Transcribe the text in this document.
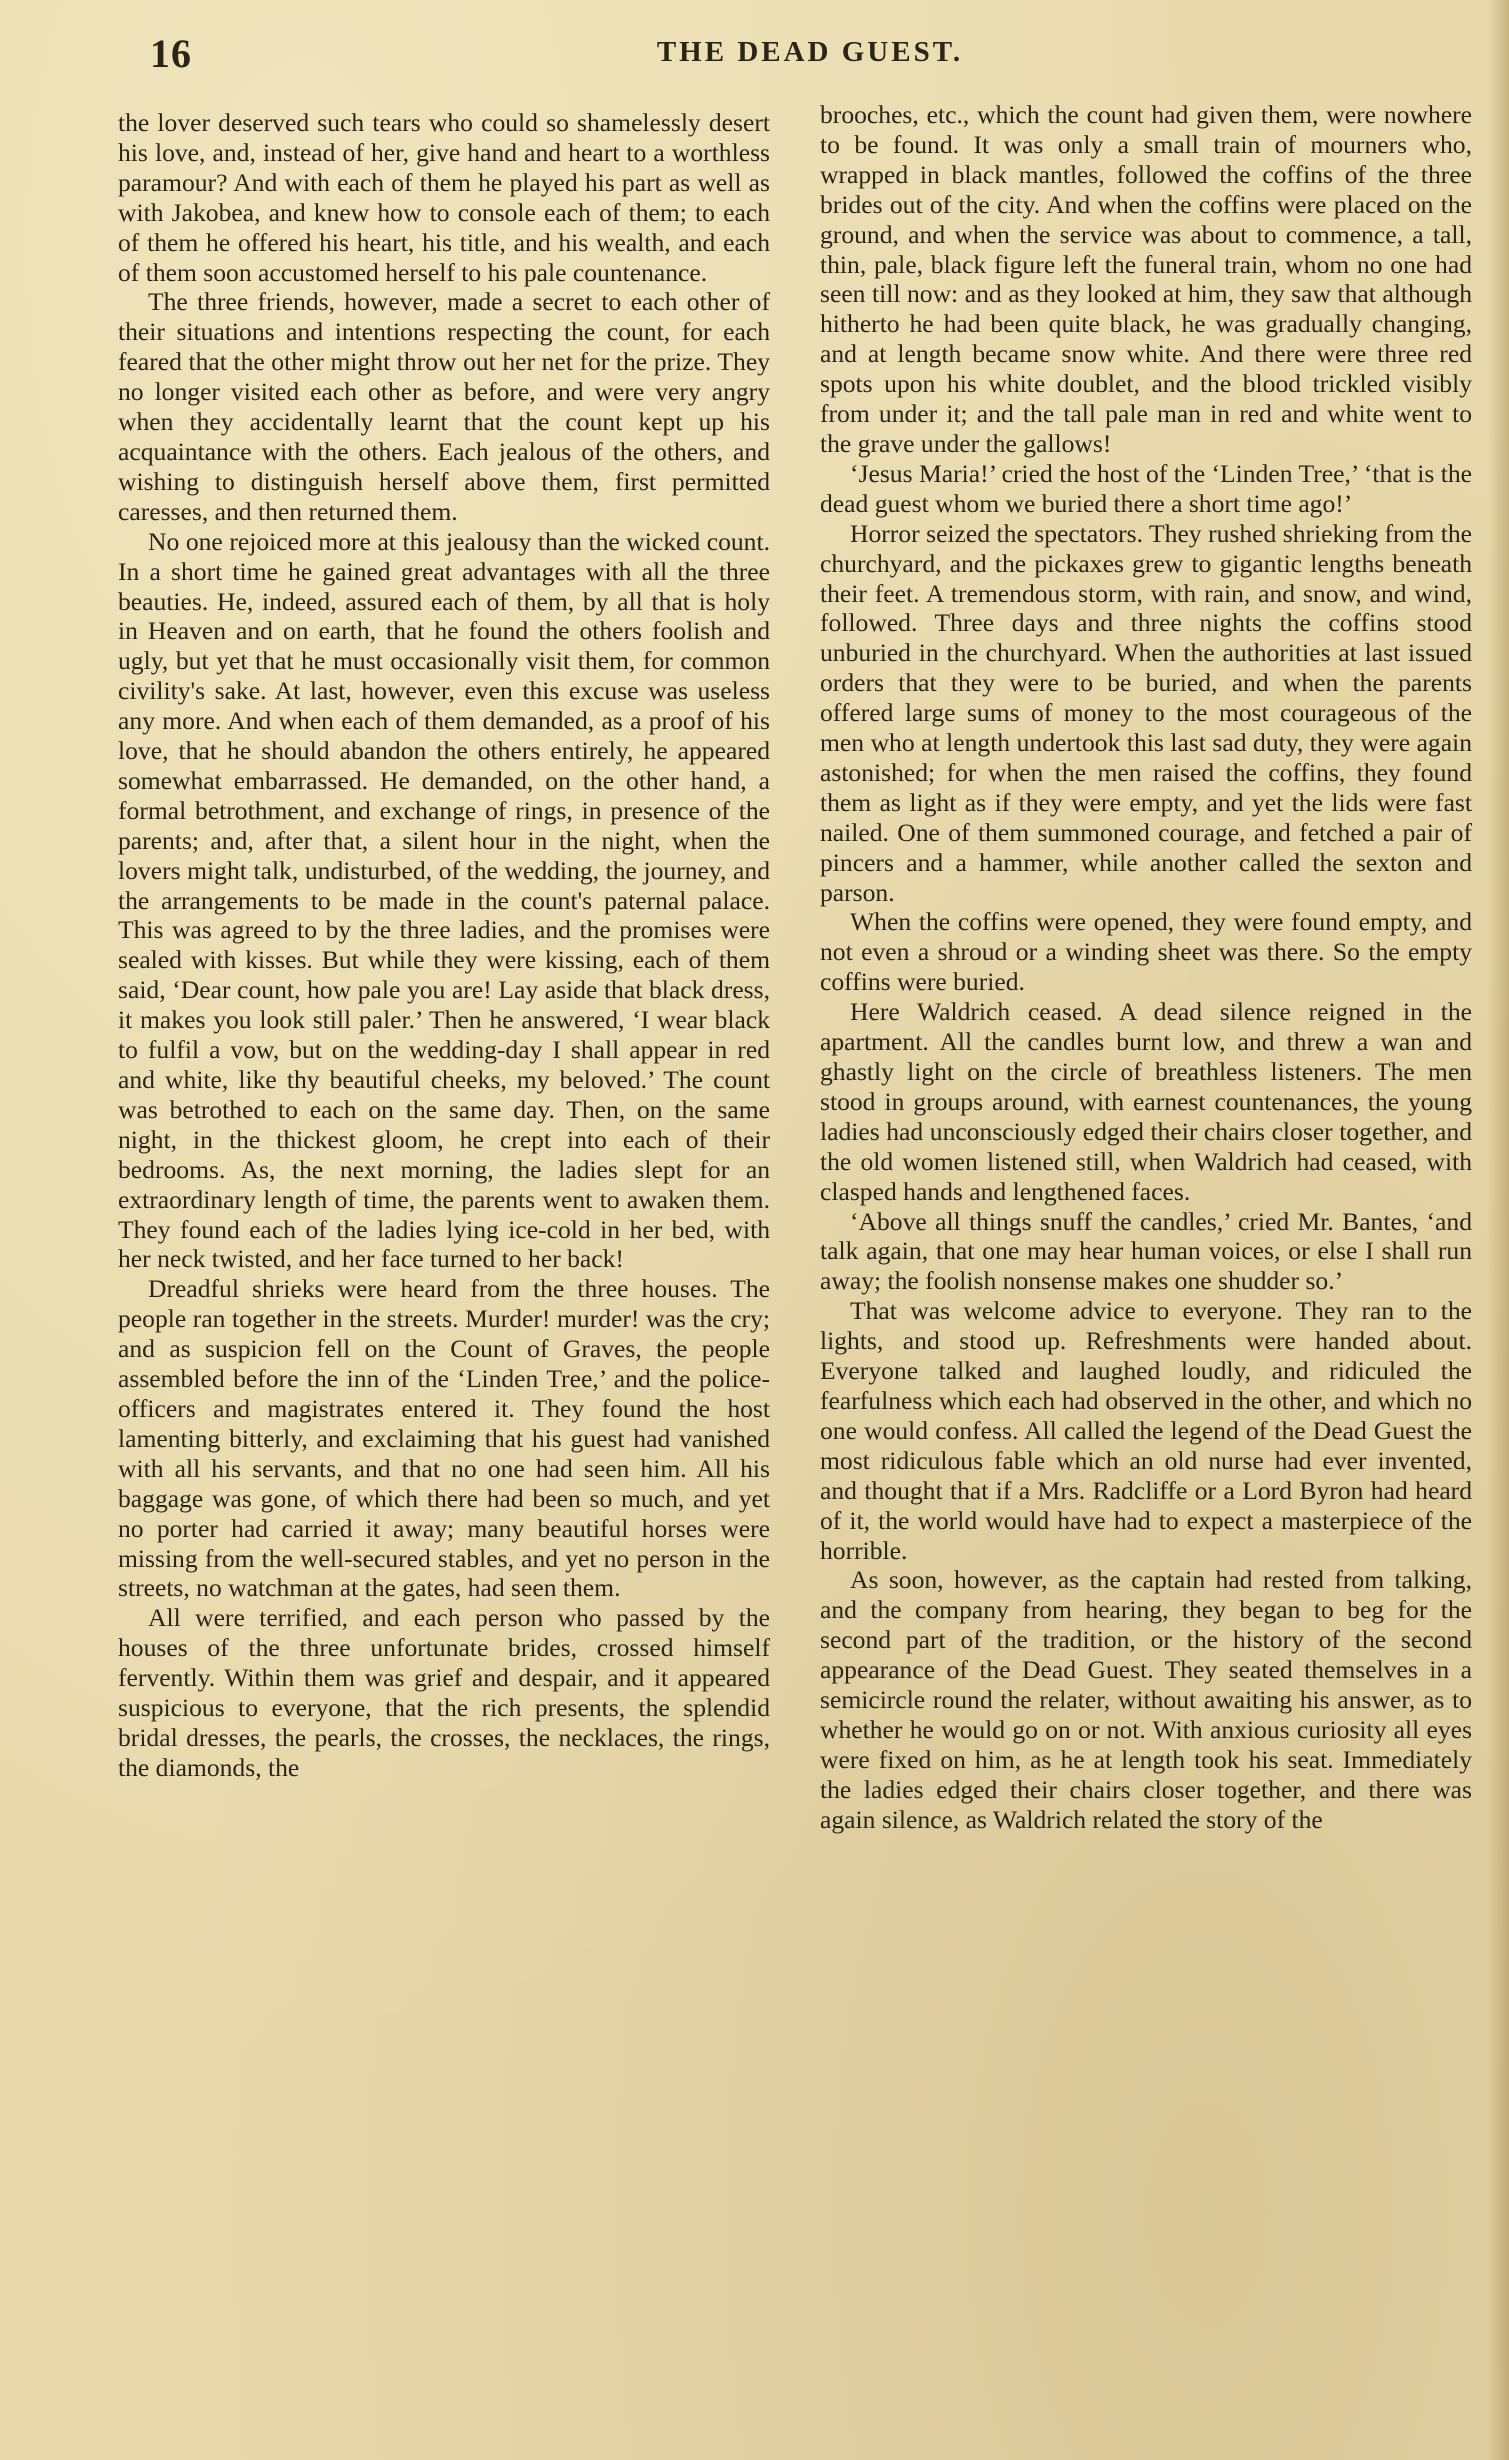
16	THE DEAD GUEST.

the lover deserved such tears who could so shamelessly desert his love, and, instead of her, give hand and heart to a worthless paramour? And with each of them he played his part as well as with Jakobea, and knew how to console each of them; to each of them he offered his heart, his title, and his wealth, and each of them soon accustomed herself to his pale countenance.

The three friends, however, made a secret to each other of their situations and intentions respecting the count, for each feared that the other might throw out her net for the prize. They no longer visited each other as before, and were very angry when they accidentally learnt that the count kept up his acquaintance with the others. Each jealous of the others, and wishing to distinguish herself above them, first permitted caresses, and then returned them.

No one rejoiced more at this jealousy than the wicked count. In a short time he gained great advantages with all the three beauties. He, indeed, assured each of them, by all that is holy in Heaven and on earth, that he found the others foolish and ugly, but yet that he must occasionally visit them, for common civility's sake. At last, however, even this excuse was useless any more. And when each of them demanded, as a proof of his love, that he should abandon the others entirely, he appeared somewhat embarrassed. He demanded, on the other hand, a formal betrothment, and exchange of rings, in presence of the parents; and, after that, a silent hour in the night, when the lovers might talk, undisturbed, of the wedding, the journey, and the arrangements to be made in the count's paternal palace. This was agreed to by the three ladies, and the promises were sealed with kisses. But while they were kissing, each of them said, ‘Dear count, how pale you are! Lay aside that black dress, it makes you look still paler.’ Then he answered, ‘I wear black to fulfil a vow, but on the wedding-day I shall appear in red and white, like thy beautiful cheeks, my beloved.’ The count was betrothed to each on the same day. Then, on the same night, in the thickest gloom, he crept into each of their bedrooms. As, the next morning, the ladies slept for an extraordinary length of time, the parents went to awaken them. They found each of the ladies lying ice-cold in her bed, with her neck twisted, and her face turned to her back!

Dreadful shrieks were heard from the three houses. The people ran together in the streets. Murder! murder! was the cry; and as suspicion fell on the Count of Graves, the people assembled before the inn of the ‘Linden Tree,’ and the police-officers and magistrates entered it. They found the host lamenting bitterly, and exclaiming that his guest had vanished with all his servants, and that no one had seen him. All his baggage was gone, of which there had been so much, and yet no porter had carried it away; many beautiful horses were missing from the well-secured stables, and yet no person in the streets, no watchman at the gates, had seen them.

All were terrified, and each person who passed by the houses of the three unfortunate brides, crossed himself fervently. Within them was grief and despair, and it appeared suspicious to everyone, that the rich presents, the splendid bridal dresses, the pearls, the crosses, the necklaces, the rings, the diamonds, the

brooches, etc., which the count had given them, were nowhere to be found. It was only a small train of mourners who, wrapped in black mantles, followed the coffins of the three brides out of the city. And when the coffins were placed on the ground, and when the service was about to commence, a tall, thin, pale, black figure left the funeral train, whom no one had seen till now: and as they looked at him, they saw that although hitherto he had been quite black, he was gradually changing, and at length became snow white. And there were three red spots upon his white doublet, and the blood trickled visibly from under it; and the tall pale man in red and white went to the grave under the gallows!

‘Jesus Maria!’ cried the host of the ‘Linden Tree,’ ‘that is the dead guest whom we buried there a short time ago!’

Horror seized the spectators. They rushed shrieking from the churchyard, and the pickaxes grew to gigantic lengths beneath their feet. A tremendous storm, with rain, and snow, and wind, followed. Three days and three nights the coffins stood unburied in the churchyard. When the authorities at last issued orders that they were to be buried, and when the parents offered large sums of money to the most courageous of the men who at length undertook this last sad duty, they were again astonished; for when the men raised the coffins, they found them as light as if they were empty, and yet the lids were fast nailed. One of them summoned courage, and fetched a pair of pincers and a hammer, while another called the sexton and parson.

When the coffins were opened, they were found empty, and not even a shroud or a winding sheet was there. So the empty coffins were buried.

Here Waldrich ceased. A dead silence reigned in the apartment. All the candles burnt low, and threw a wan and ghastly light on the circle of breathless listeners. The men stood in groups around, with earnest countenances, the young ladies had unconsciously edged their chairs closer together, and the old women listened still, when Waldrich had ceased, with clasped hands and lengthened faces.

‘Above all things snuff the candles,’ cried Mr. Bantes, ‘and talk again, that one may hear human voices, or else I shall run away; the foolish nonsense makes one shudder so.’

That was welcome advice to everyone. They ran to the lights, and stood up. Refreshments were handed about. Everyone talked and laughed loudly, and ridiculed the fearfulness which each had observed in the other, and which no one would confess. All called the legend of the Dead Guest the most ridiculous fable which an old nurse had ever invented, and thought that if a Mrs. Radcliffe or a Lord Byron had heard of it, the world would have had to expect a masterpiece of the horrible.

As soon, however, as the captain had rested from talking, and the company from hearing, they began to beg for the second part of the tradition, or the history of the second appearance of the Dead Guest. They seated themselves in a semicircle round the relater, without awaiting his answer, as to whether he would go on or not. With anxious curiosity all eyes were fixed on him, as he at length took his seat. Immediately the ladies edged their chairs closer together, and there was again silence, as Waldrich related the story of the
